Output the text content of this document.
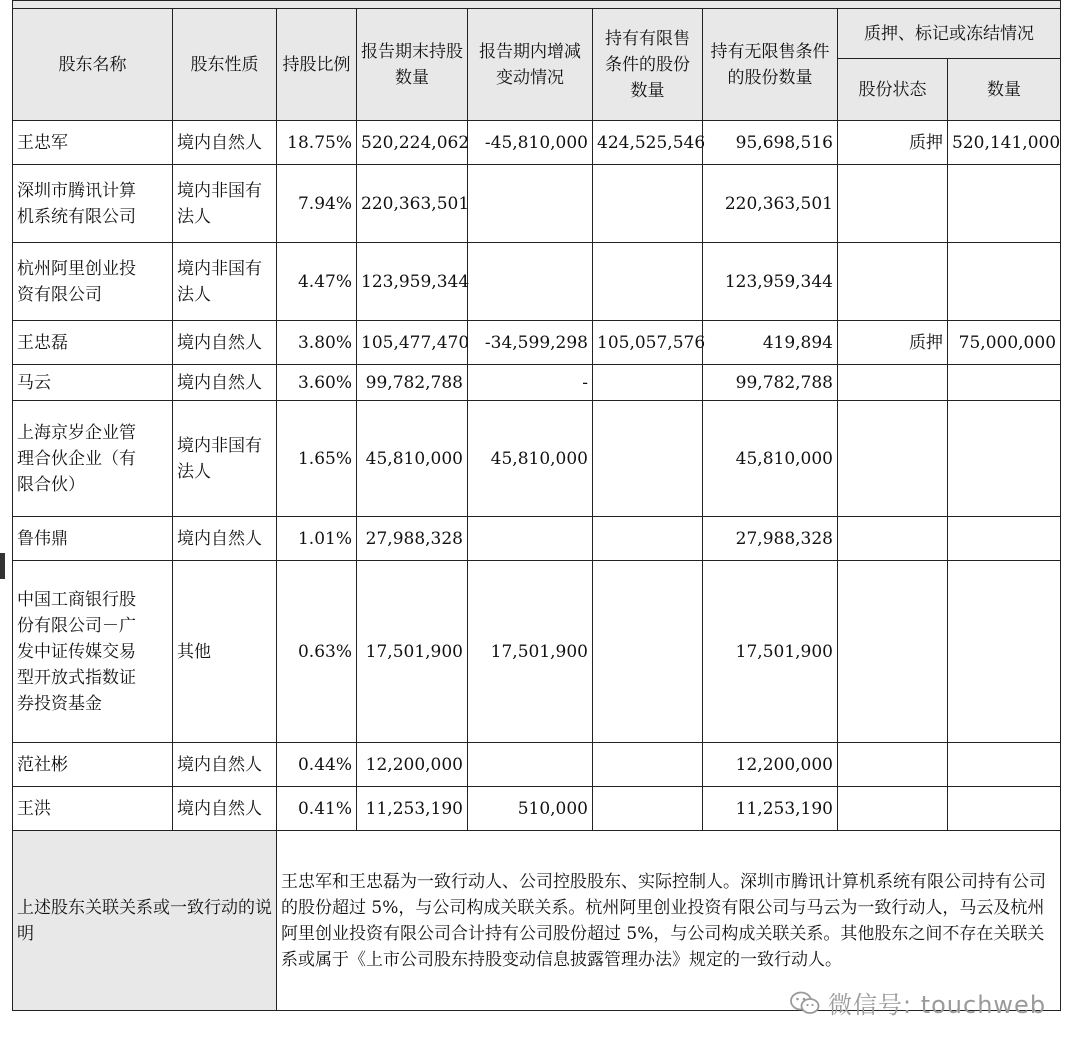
股东名称	股东性质	持股比例	报告期末持股数量	报告期内增减变动情况	持有有限售条件的股份数量	持有无限售条件的股份数量	质押、标记或冻结情况	
							股份状态	数量
王忠军	境内自然人	18.75%	520,224,062	-45,810,000	424,525,546	95,698,516	质押	520,141,000
深圳市腾讯计算
机系统有限公司	境内非国有
法人	7.94%	220,363,501			220,363,501		
杭州阿里创业投
资有限公司	境内非国有
法人	4.47%	123,959,344			123,959,344		
王忠磊	境内自然人	3.80%	105,477,470	-34,599,298	105,057,576	419,894	质押	75,000,000
马云	境内自然人	3.60%	99,782,788	-		99,782,788		
上海京岁企业管
理合伙企业（有
限合伙）	境内非国有
法人	1.65%	45,810,000	45,810,000		45,810,000		
鲁伟鼎	境内自然人	1.01%	27,988,328			27,988,328		
中国工商银行股
份有限公司－广
发中证传媒交易
型开放式指数证
券投资基金	其他	0.63%	17,501,900	17,501,900		17,501,900		
范社彬	境内自然人	0.44%	12,200,000			12,200,000		
王洪	境内自然人	0.41%	11,253,190	510,000		11,253,190		
上述股东关联关系或一致行动的说明		王忠军和王忠磊为一致行动人、公司控股股东、实际控制人。深圳市腾讯计算机系统有限公司持有公司的股份超过 5%，与公司构成关联关系。杭州阿里创业投资有限公司与马云为一致行动人，马云及杭州阿里创业投资有限公司合计持有公司股份超过 5%，与公司构成关联关系。其他股东之间不存在关联关系或属于《上市公司股东持股变动信息披露管理办法》规定的一致行动人。						
微信号: touchweb
